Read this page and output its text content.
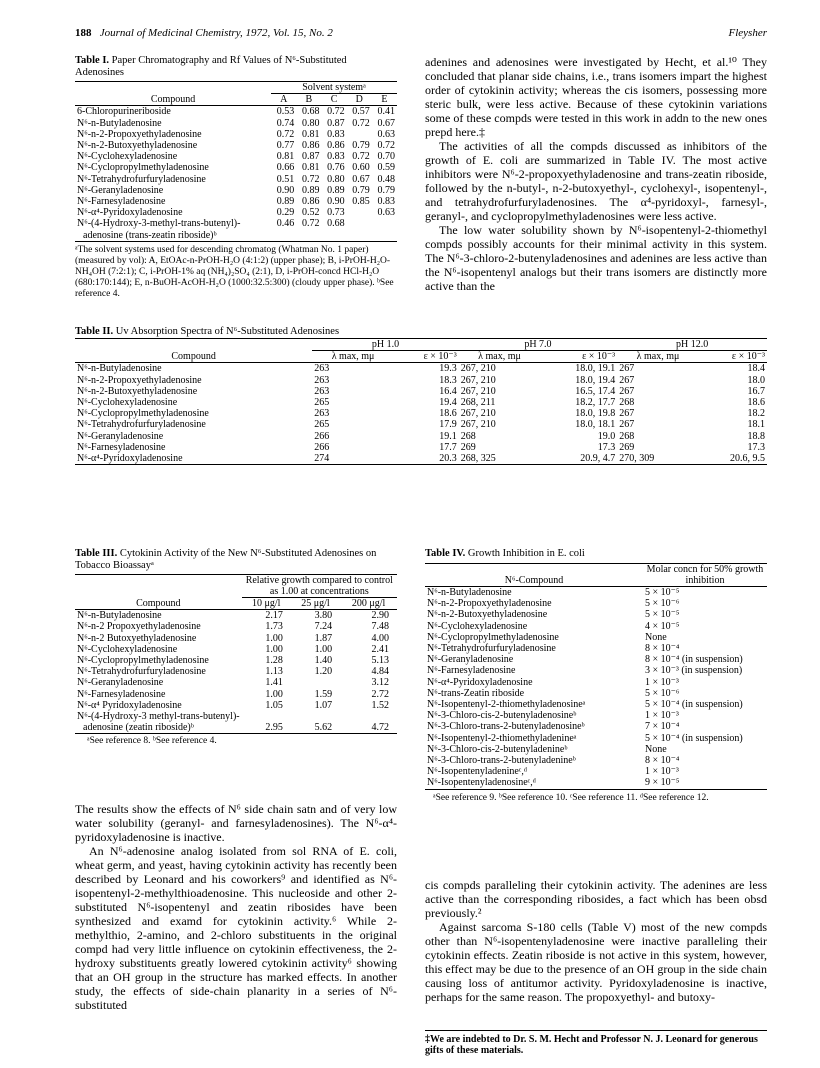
188 Journal of Medicinal Chemistry, 1972, Vol. 15, No. 2	Fleysher
Table I. Paper Chromatography and Rf Values of N⁶-Substituted Adenosines
	Solvent systemᵃ				
Compound	A	B	C	D	E
6-Chloropurineriboside	0.53	0.68	0.72	0.57	0.41
N⁶-n-Butyladenosine	0.74	0.80	0.87	0.72	0.67
N⁶-n-2-Propoxyethyladenosine	0.72	0.81	0.83		0.63
N⁶-n-2-Butoxyethyladenosine	0.77	0.86	0.86	0.79	0.72
N⁶-Cyclohexyladenosine	0.81	0.87	0.83	0.72	0.70
N⁶-Cyclopropylmethyladenosine	0.66	0.81	0.76	0.60	0.59
N⁶-Tetrahydrofurfuryladenosine	0.51	0.72	0.80	0.67	0.48
N⁶-Geranyladenosine	0.90	0.89	0.89	0.79	0.79
N⁶-Farnesyladenosine	0.89	0.86	0.90	0.85	0.83
N⁶-α⁴-Pyridoxyladenosine	0.29	0.52	0.73		0.63
N⁶-(4-Hydroxy-3-methyl-trans-butenyl)-	0.46	0.72	0.68		
adenosine (trans-zeatin riboside)ᵇ					
ᵃThe solvent systems used for descending chromatog (Whatman No. 1 paper) (measured by vol): A, EtOAc-n-PrOH-H₂O (4:1:2) (upper phase); B, i-PrOH-H₂O-NH₄OH (7:2:1); C, i-PrOH-1% aq (NH₄)₂SO₄ (2:1), D, i-PrOH-concd HCl-H₂O (680:170:144); E, n-BuOH-AcOH-H₂O (1000:32.5:300) (cloudy upper phase). ᵇSee reference 4.

adenines and adenosines were investigated by Hecht, et al.¹⁰ They concluded that planar side chains, i.e., trans isomers impart the highest order of cytokinin activity; whereas the cis isomers, possessing more steric bulk, were less active. Because of these cytokinin variations some of these compds were tested in this work in addn to the new ones prepd here.‡

The activities of all the compds discussed as inhibitors of the growth of E. coli are summarized in Table IV. The most active inhibitors were N⁶-2-propoxyethyladenosine and trans-zeatin riboside, followed by the n-butyl-, n-2-butoxyethyl-, cyclohexyl-, isopentenyl-, and tetrahydrofurfuryladenosines. The α⁴-pyridoxyl-, farnesyl-, geranyl-, and cyclopropylmethyladenosines were less active.

The low water solubility shown by N⁶-isopentenyl-2-thiomethyl compds possibly accounts for their minimal activity in this system. The N⁶-3-chloro-2-butenyladenosines and adenines are less active than the N⁶-isopentenyl analogs but their trans isomers are distinctly more active than the

Table II. Uv Absorption Spectra of N⁶-Substituted Adenosines
	pH 1.0		pH 7.0		pH 12.0	
Compound	λ max, mμ	ε × 10⁻³	λ max, mμ	ε × 10⁻³	λ max, mμ	ε × 10⁻³
N⁶-n-Butyladenosine	263	19.3	267, 210	18.0, 19.1	267	18.4
N⁶-n-2-Propoxyethyladenosine	263	18.3	267, 210	18.0, 19.4	267	18.0
N⁶-n-2-Butoxyethyladenosine	263	16.4	267, 210	16.5, 17.4	267	16.7
N⁶-Cyclohexyladenosine	265	19.4	268, 211	18.2, 17.7	268	18.6
N⁶-Cyclopropylmethyladenosine	263	18.6	267, 210	18.0, 19.8	267	18.2
N⁶-Tetrahydrofurfuryladenosine	265	17.9	267, 210	18.0, 18.1	267	18.1
N⁶-Geranyladenosine	266	19.1	268	19.0	268	18.8
N⁶-Farnesyladenosine	266	17.7	269	17.3	269	17.3
N⁶-α⁴-Pyridoxyladenosine	274	20.3	268, 325	20.9, 4.7	270, 309	20.6, 9.5
Table III. Cytokinin Activity of the New N⁶-Substituted Adenosines on Tobacco Bioassayᵃ
	Relative growth compared to control as 1.00 at concentrations		
Compound	10 μg/l	25 μg/l	200 μg/l
N⁶-n-Butyladenosine	2.17	3.80	2.90
N⁶-n-2 Propoxyethyladenosine	1.73	7.24	7.48
N⁶-n-2 Butoxyethyladenosine	1.00	1.87	4.00
N⁶-Cyclohexyladenosine	1.00	1.00	2.41
N⁶-Cyclopropylmethyladenosine	1.28	1.40	5.13
N⁶-Tetrahydrofurfuryladenosine	1.13	1.20	4.84
N⁶-Geranyladenosine	1.41		3.12
N⁶-Farnesyladenosine	1.00	1.59	2.72
N⁶-α⁴ Pyridoxyladenosine	1.05	1.07	1.52
N⁶-(4-Hydroxy-3 methyl-trans-butenyl)-			
adenosine (zeatin riboside)ᵇ	2.95	5.62	4.72
ᵃSee reference 8. ᵇSee reference 4.

The results show the effects of N⁶ side chain satn and of very low water solubility (geranyl- and farnesyladenosines). The N⁶-α⁴-pyridoxyladenosine is inactive.

An N⁶-adenosine analog isolated from sol RNA of E. coli, wheat germ, and yeast, having cytokinin activity has recently been described by Leonard and his coworkers⁹ and identified as N⁶-isopentenyl-2-methylthioadenosine. This nucleoside and other 2-substituted N⁶-isopentenyl and zeatin ribosides have been synthesized and examd for cytokinin activity.⁶ While 2-methylthio, 2-amino, and 2-chloro substituents in the original compd had very little influence on cytokinin effectiveness, the 2-hydroxy substituents greatly lowered cytokinin activity⁶ showing that an OH group in the structure has marked effects. In another study, the effects of side-chain planarity in a series of N⁶-substituted

Table IV. Growth Inhibition in E. coli
N⁶-Compound	Molar concn for 50% growth inhibition
N⁶-n-Butyladenosine	5 × 10⁻⁵
N⁶-n-2-Propoxyethyladenosine	5 × 10⁻⁶
N⁶-n-2-Butoxyethyladenosine	5 × 10⁻⁵
N⁶-Cyclohexyladenosine	4 × 10⁻⁵
N⁶-Cyclopropylmethyladenosine	None
N⁶-Tetrahydrofurfuryladenosine	8 × 10⁻⁴
N⁶-Geranyladenosine	8 × 10⁻⁴ (in suspension)
N⁶-Farnesyladenosine	3 × 10⁻³ (in suspension)
N⁶-α⁴-Pyridoxyladenosine	1 × 10⁻³
N⁶-trans-Zeatin riboside	5 × 10⁻⁶
N⁶-Isopentenyl-2-thiomethyladenosineᵃ	5 × 10⁻⁴ (in suspension)
N⁶-3-Chloro-cis-2-butenyladenosineᵇ	1 × 10⁻³
N⁶-3-Chloro-trans-2-butenyladenosineᵇ	7 × 10⁻⁴
N⁶-Isopentenyl-2-thiomethyladenineᵃ	5 × 10⁻⁴ (in suspension)
N⁶-3-Chloro-cis-2-butenyladenineᵇ	None
N⁶-3-Chloro-trans-2-butenyladenineᵇ	8 × 10⁻⁴
N⁶-Isopentenyladenineᶜ,ᵈ	1 × 10⁻³
N⁶-Isopentenyladenosineᶜ,ᵈ	9 × 10⁻⁵
ᵃSee reference 9. ᵇSee reference 10. ᶜSee reference 11. ᵈSee reference 12.

cis compds paralleling their cytokinin activity. The adenines are less active than the corresponding ribosides, a fact which has been obsd previously.²

Against sarcoma S-180 cells (Table V) most of the new compds other than N⁶-isopentenyladenosine were inactive paralleling their cytokinin effects. Zeatin riboside is not active in this system, however, this effect may be due to the presence of an OH group in the side chain causing loss of antitumor activity. Pyridoxyladenosine is inactive, perhaps for the same reason. The propoxyethyl- and butoxy-

‡We are indebted to Dr. S. M. Hecht and Professor N. J. Leonard for generous gifts of these materials.
